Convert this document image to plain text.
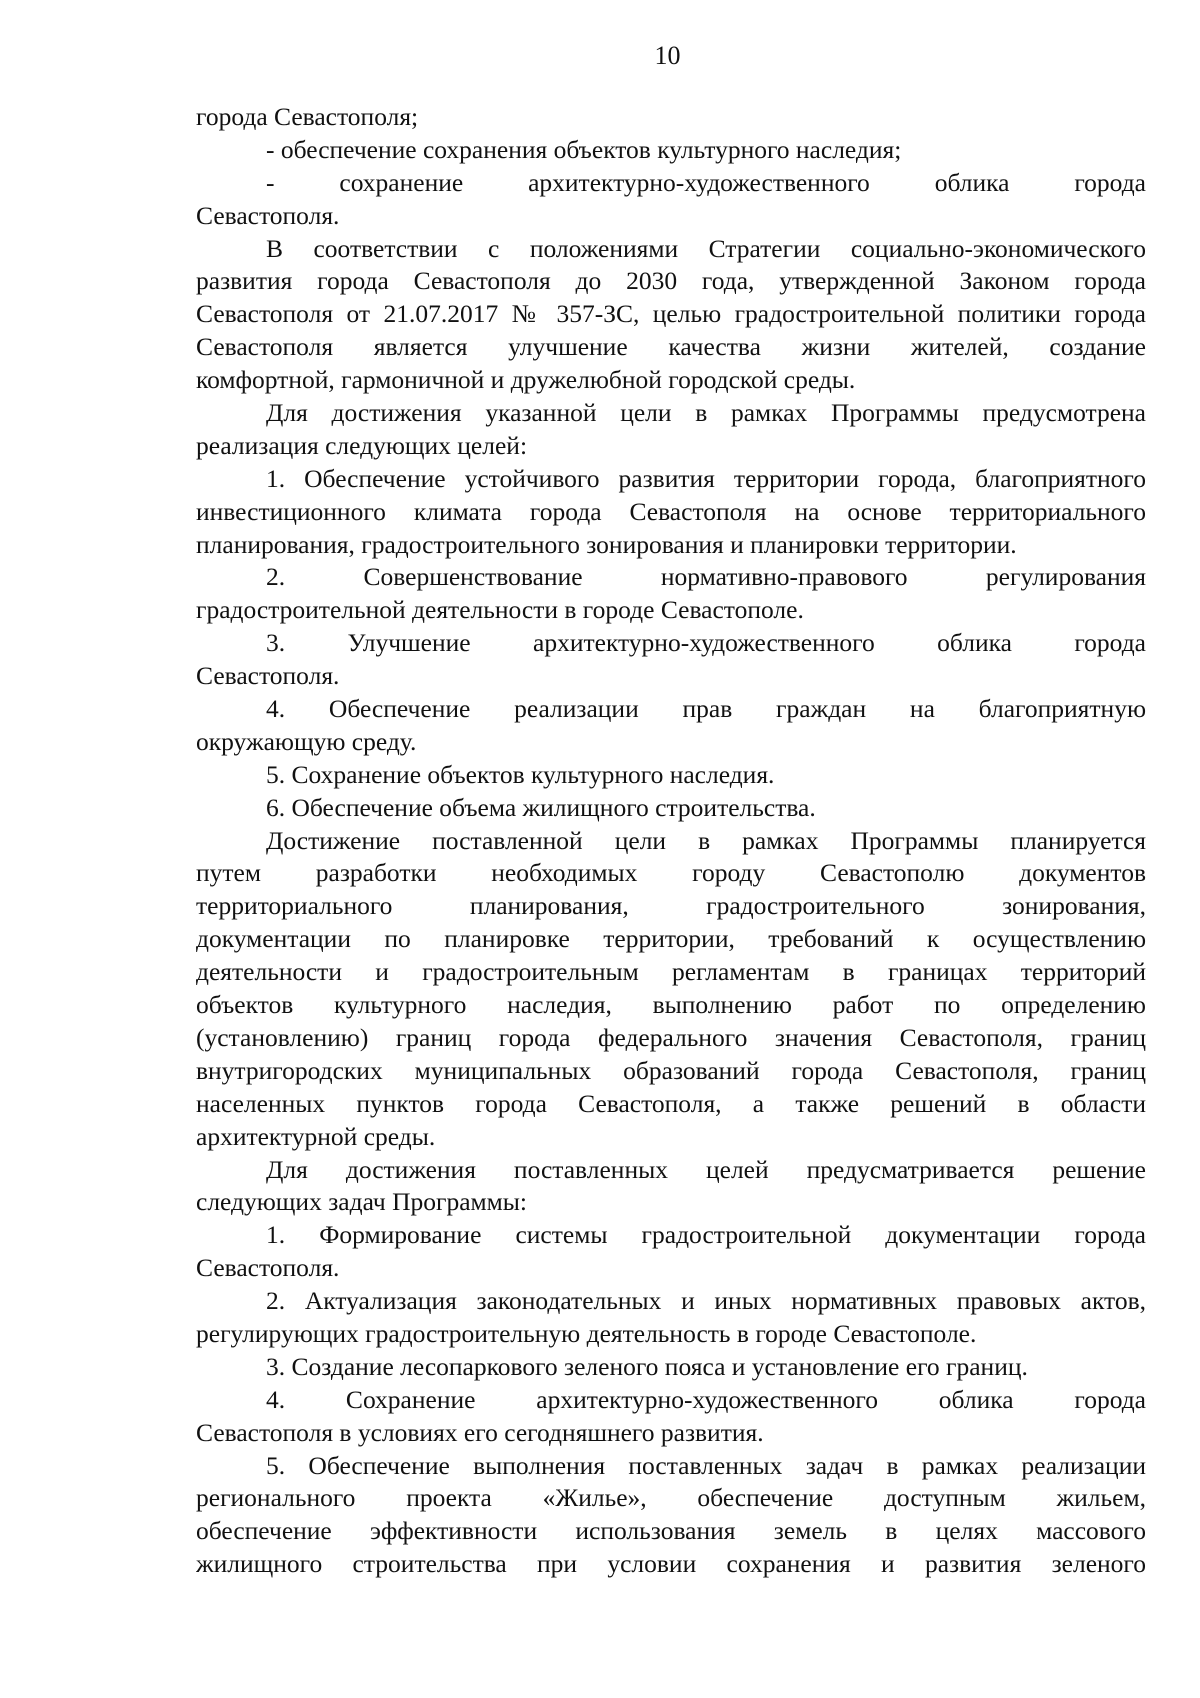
10
города Севастополя;
- обеспечение сохранения объектов культурного наследия;
- сохранение архитектурно-художественного облика города
Севастополя.
В соответствии с положениями Стратегии социально-экономического
развития города Севастополя до 2030 года, утвержденной Законом города
Севастополя от 21.07.2017 № 357-ЗС, целью градостроительной политики города
Севастополя является улучшение качества жизни жителей, создание
комфортной, гармоничной и дружелюбной городской среды.
Для достижения указанной цели в рамках Программы предусмотрена
реализация следующих целей:
1. Обеспечение устойчивого развития территории города, благоприятного
инвестиционного климата города Севастополя на основе территориального
планирования, градостроительного зонирования и планировки территории.
2. Совершенствование нормативно-правового регулирования
градостроительной деятельности в городе Севастополе.
3. Улучшение архитектурно-художественного облика города
Севастополя.
4. Обеспечение реализации прав граждан на благоприятную
окружающую среду.
5. Сохранение объектов культурного наследия.
6. Обеспечение объема жилищного строительства.
Достижение поставленной цели в рамках Программы планируется
путем разработки необходимых городу Севастополю документов
территориального планирования, градостроительного зонирования,
документации по планировке территории, требований к осуществлению
деятельности и градостроительным регламентам в границах территорий
объектов культурного наследия, выполнению работ по определению
(установлению) границ города федерального значения Севастополя, границ
внутригородских муниципальных образований города Севастополя, границ
населенных пунктов города Севастополя, а также решений в области
архитектурной среды.
Для достижения поставленных целей предусматривается решение
следующих задач Программы:
1. Формирование системы градостроительной документации города
Севастополя.
2. Актуализация законодательных и иных нормативных правовых актов,
регулирующих градостроительную деятельность в городе Севастополе.
3. Создание лесопаркового зеленого пояса и установление его границ.
4. Сохранение архитектурно-художественного облика города
Севастополя в условиях его сегодняшнего развития.
5. Обеспечение выполнения поставленных задач в рамках реализации
регионального проекта «Жилье», обеспечение доступным жильем,
обеспечение эффективности использования земель в целях массового
жилищного строительства при условии сохранения и развития зеленого
